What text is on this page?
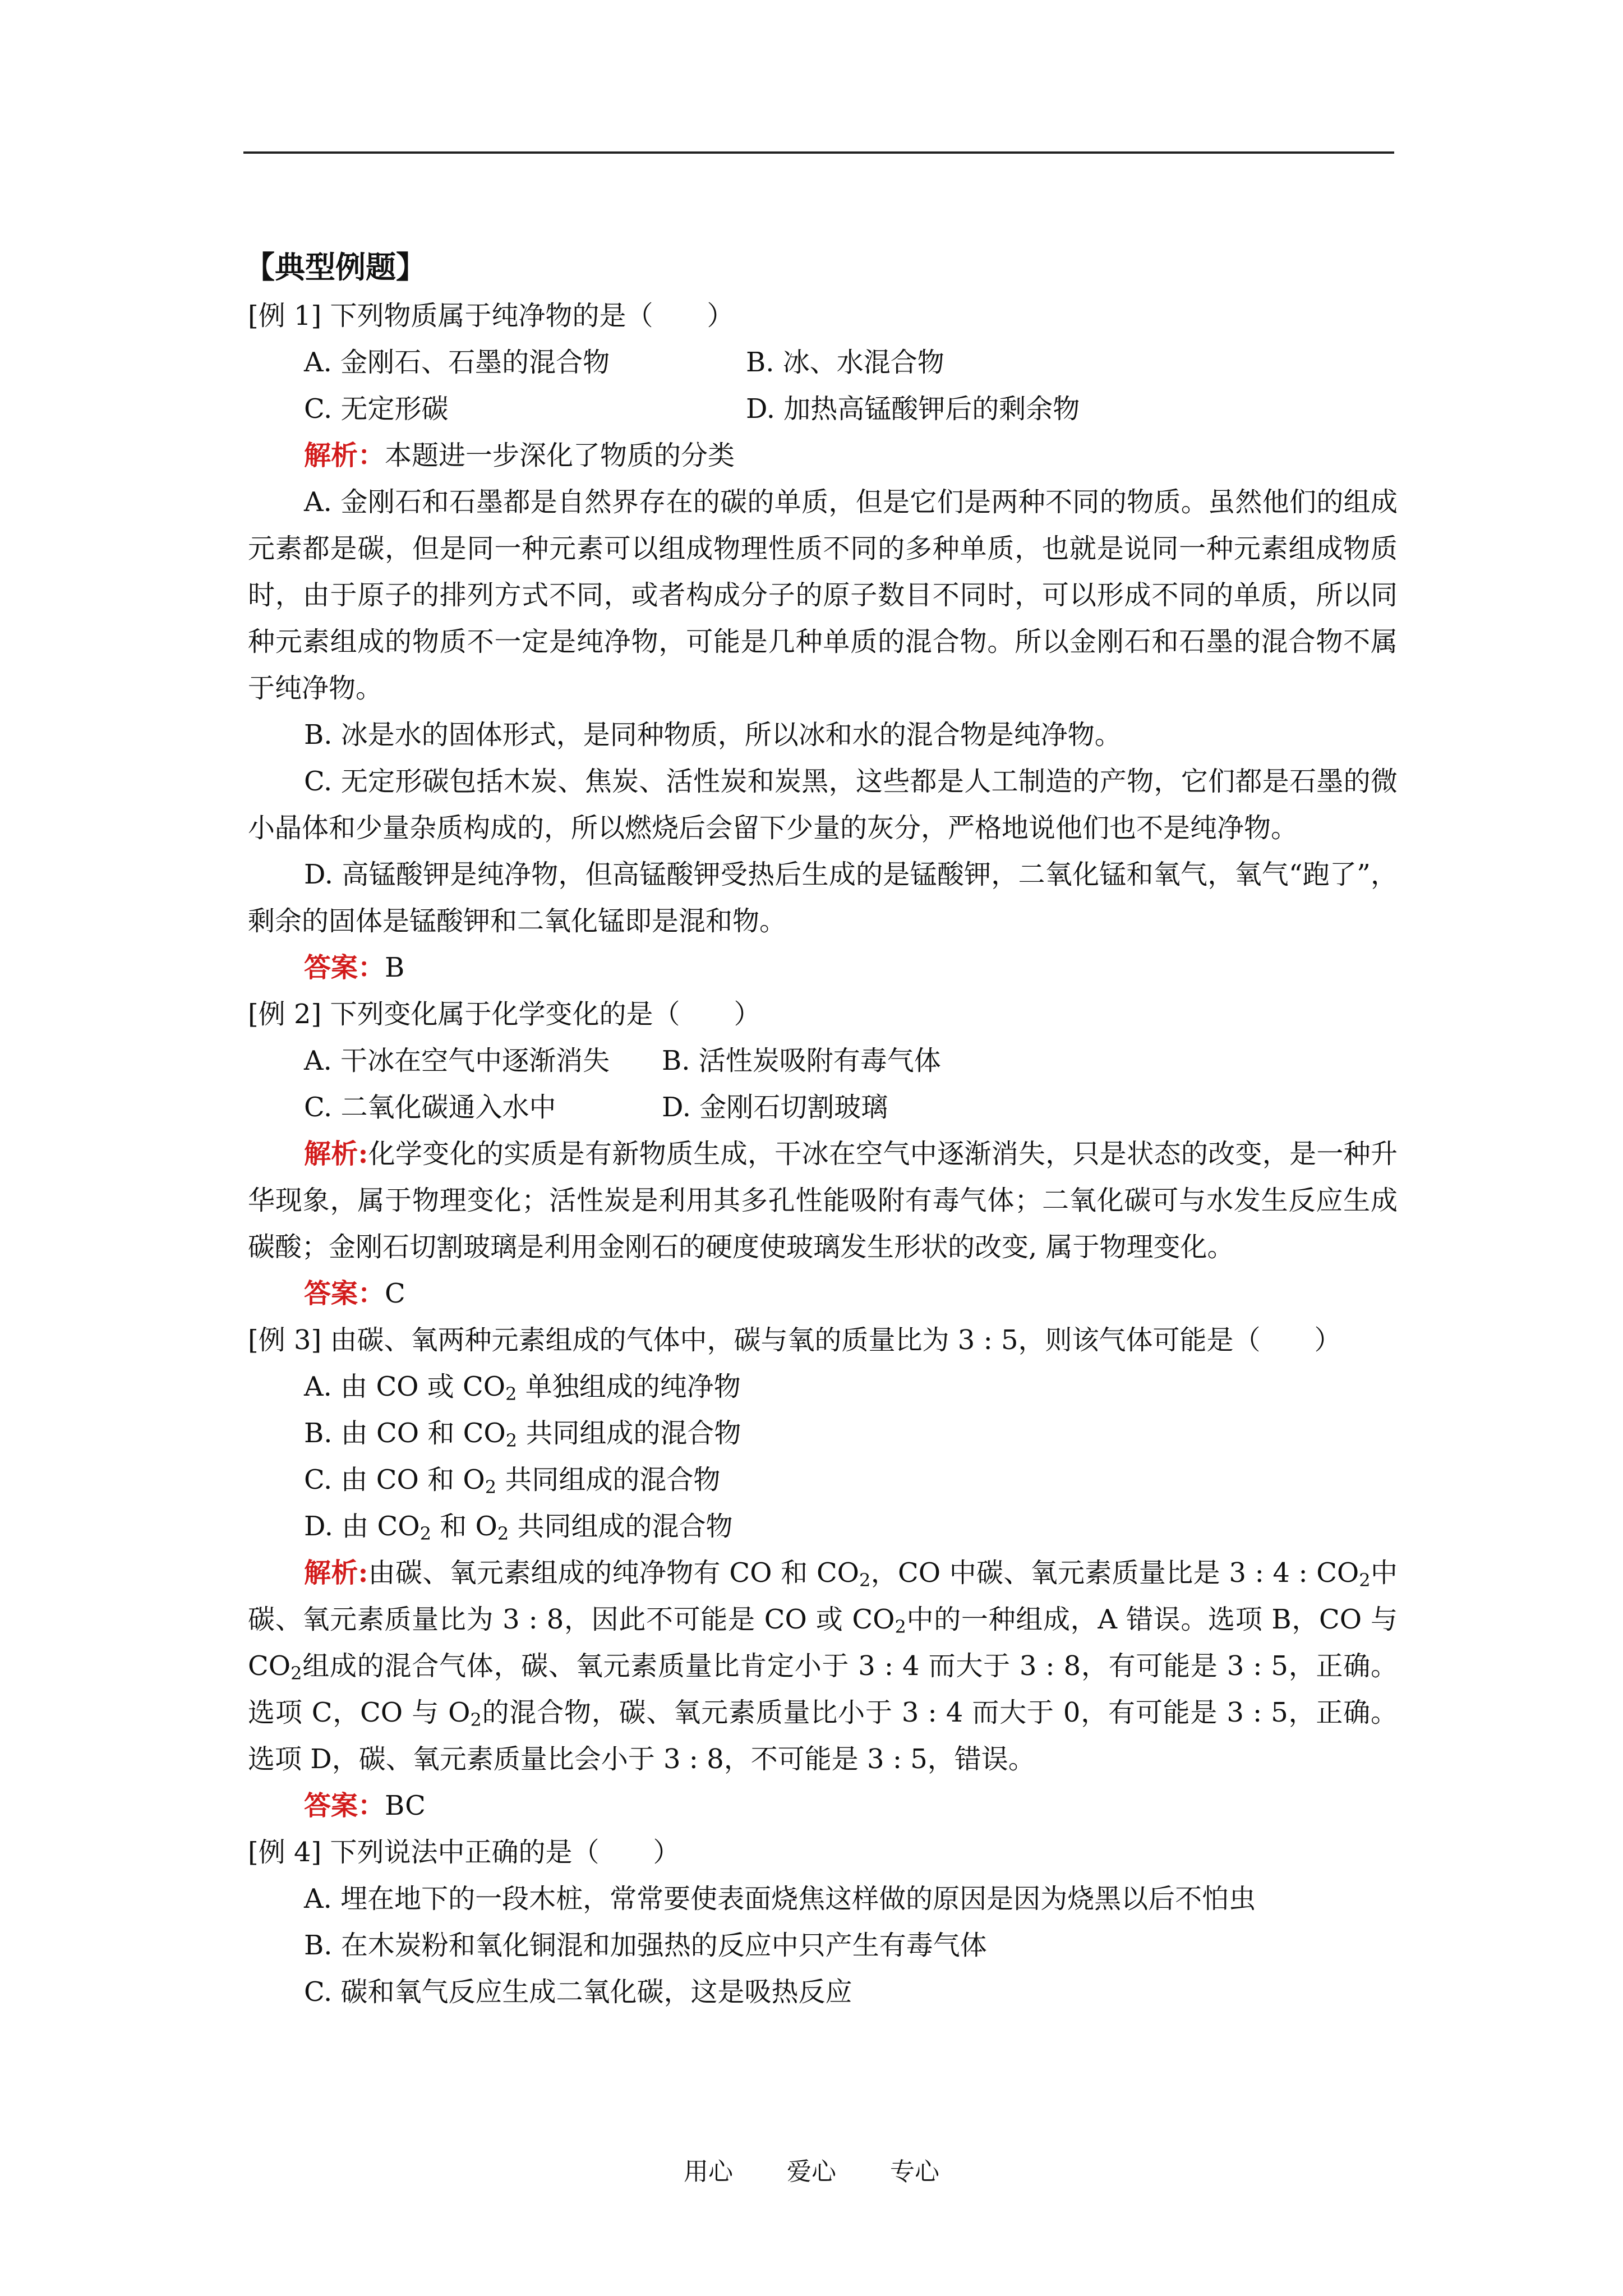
【典型例题】
[例 1] 下列物质属于纯净物的是（　　）
A. 金刚石、石墨的混合物	B. 冰、水混合物
C. 无定形碳	D. 加热高锰酸钾后的剩余物
解析：本题进一步深化了物质的分类
A. 金刚石和石墨都是自然界存在的碳的单质，但是它们是两种不同的物质。虽然他们的组成元素都是碳，但是同一种元素可以组成物理性质不同的多种单质，也就是说同一种元素组成物质时，由于原子的排列方式不同，或者构成分子的原子数目不同时，可以形成不同的单质，所以同种元素组成的物质不一定是纯净物，可能是几种单质的混合物。所以金刚石和石墨的混合物不属于纯净物。
B. 冰是水的固体形式，是同种物质，所以冰和水的混合物是纯净物。
C. 无定形碳包括木炭、焦炭、活性炭和炭黑，这些都是人工制造的产物，它们都是石墨的微小晶体和少量杂质构成的，所以燃烧后会留下少量的灰分，严格地说他们也不是纯净物。
D. 高锰酸钾是纯净物，但高锰酸钾受热后生成的是锰酸钾，二氧化锰和氧气，氧气“跑了”，剩余的固体是锰酸钾和二氧化锰即是混和物。
答案：B
[例 2] 下列变化属于化学变化的是（　　）
A. 干冰在空气中逐渐消失 B. 活性炭吸附有毒气体
C. 二氧化碳通入水中	D. 金刚石切割玻璃
解析:化学变化的实质是有新物质生成，干冰在空气中逐渐消失，只是状态的改变，是一种升华现象，属于物理变化；活性炭是利用其多孔性能吸附有毒气体；二氧化碳可与水发生反应生成碳酸；金刚石切割玻璃是利用金刚石的硬度使玻璃发生形状的改变, 属于物理变化。
答案：C
[例 3] 由碳、氧两种元素组成的气体中，碳与氧的质量比为 3 : 5，则该气体可能是（　　）
A. 由 CO 或 $CO_2$ 单独组成的纯净物
B. 由 CO 和 $CO_2$ 共同组成的混合物
C. 由 CO 和 $O_2$ 共同组成的混合物
D. 由 $CO_2$ 和 $O_2$ 共同组成的混合物
解析:由碳、氧元素组成的纯净物有 CO 和 $CO_2$，CO 中碳、氧元素质量比是 3 : 4 : $CO_2$中碳、氧元素质量比为 3 : 8，因此不可能是 CO 或 $CO_2$中的一种组成，A 错误。选项 B，CO 与 $CO_2$组成的混合气体，碳、氧元素质量比肯定小于 3 : 4 而大于 3 : 8，有可能是 3 : 5，正确。选项 C，CO 与 $O_2$的混合物，碳、氧元素质量比小于 3 : 4 而大于 0，有可能是 3 : 5，正确。选项 D，碳、氧元素质量比会小于 3 : 8，不可能是 3 : 5，错误。
答案：BC
[例 4] 下列说法中正确的是（　　）
A. 埋在地下的一段木桩，常常要使表面烧焦这样做的原因是因为烧黑以后不怕虫
B. 在木炭粉和氧化铜混和加强热的反应中只产生有毒气体
C. 碳和氧气反应生成二氧化碳，这是吸热反应
用心 爱心 专心
